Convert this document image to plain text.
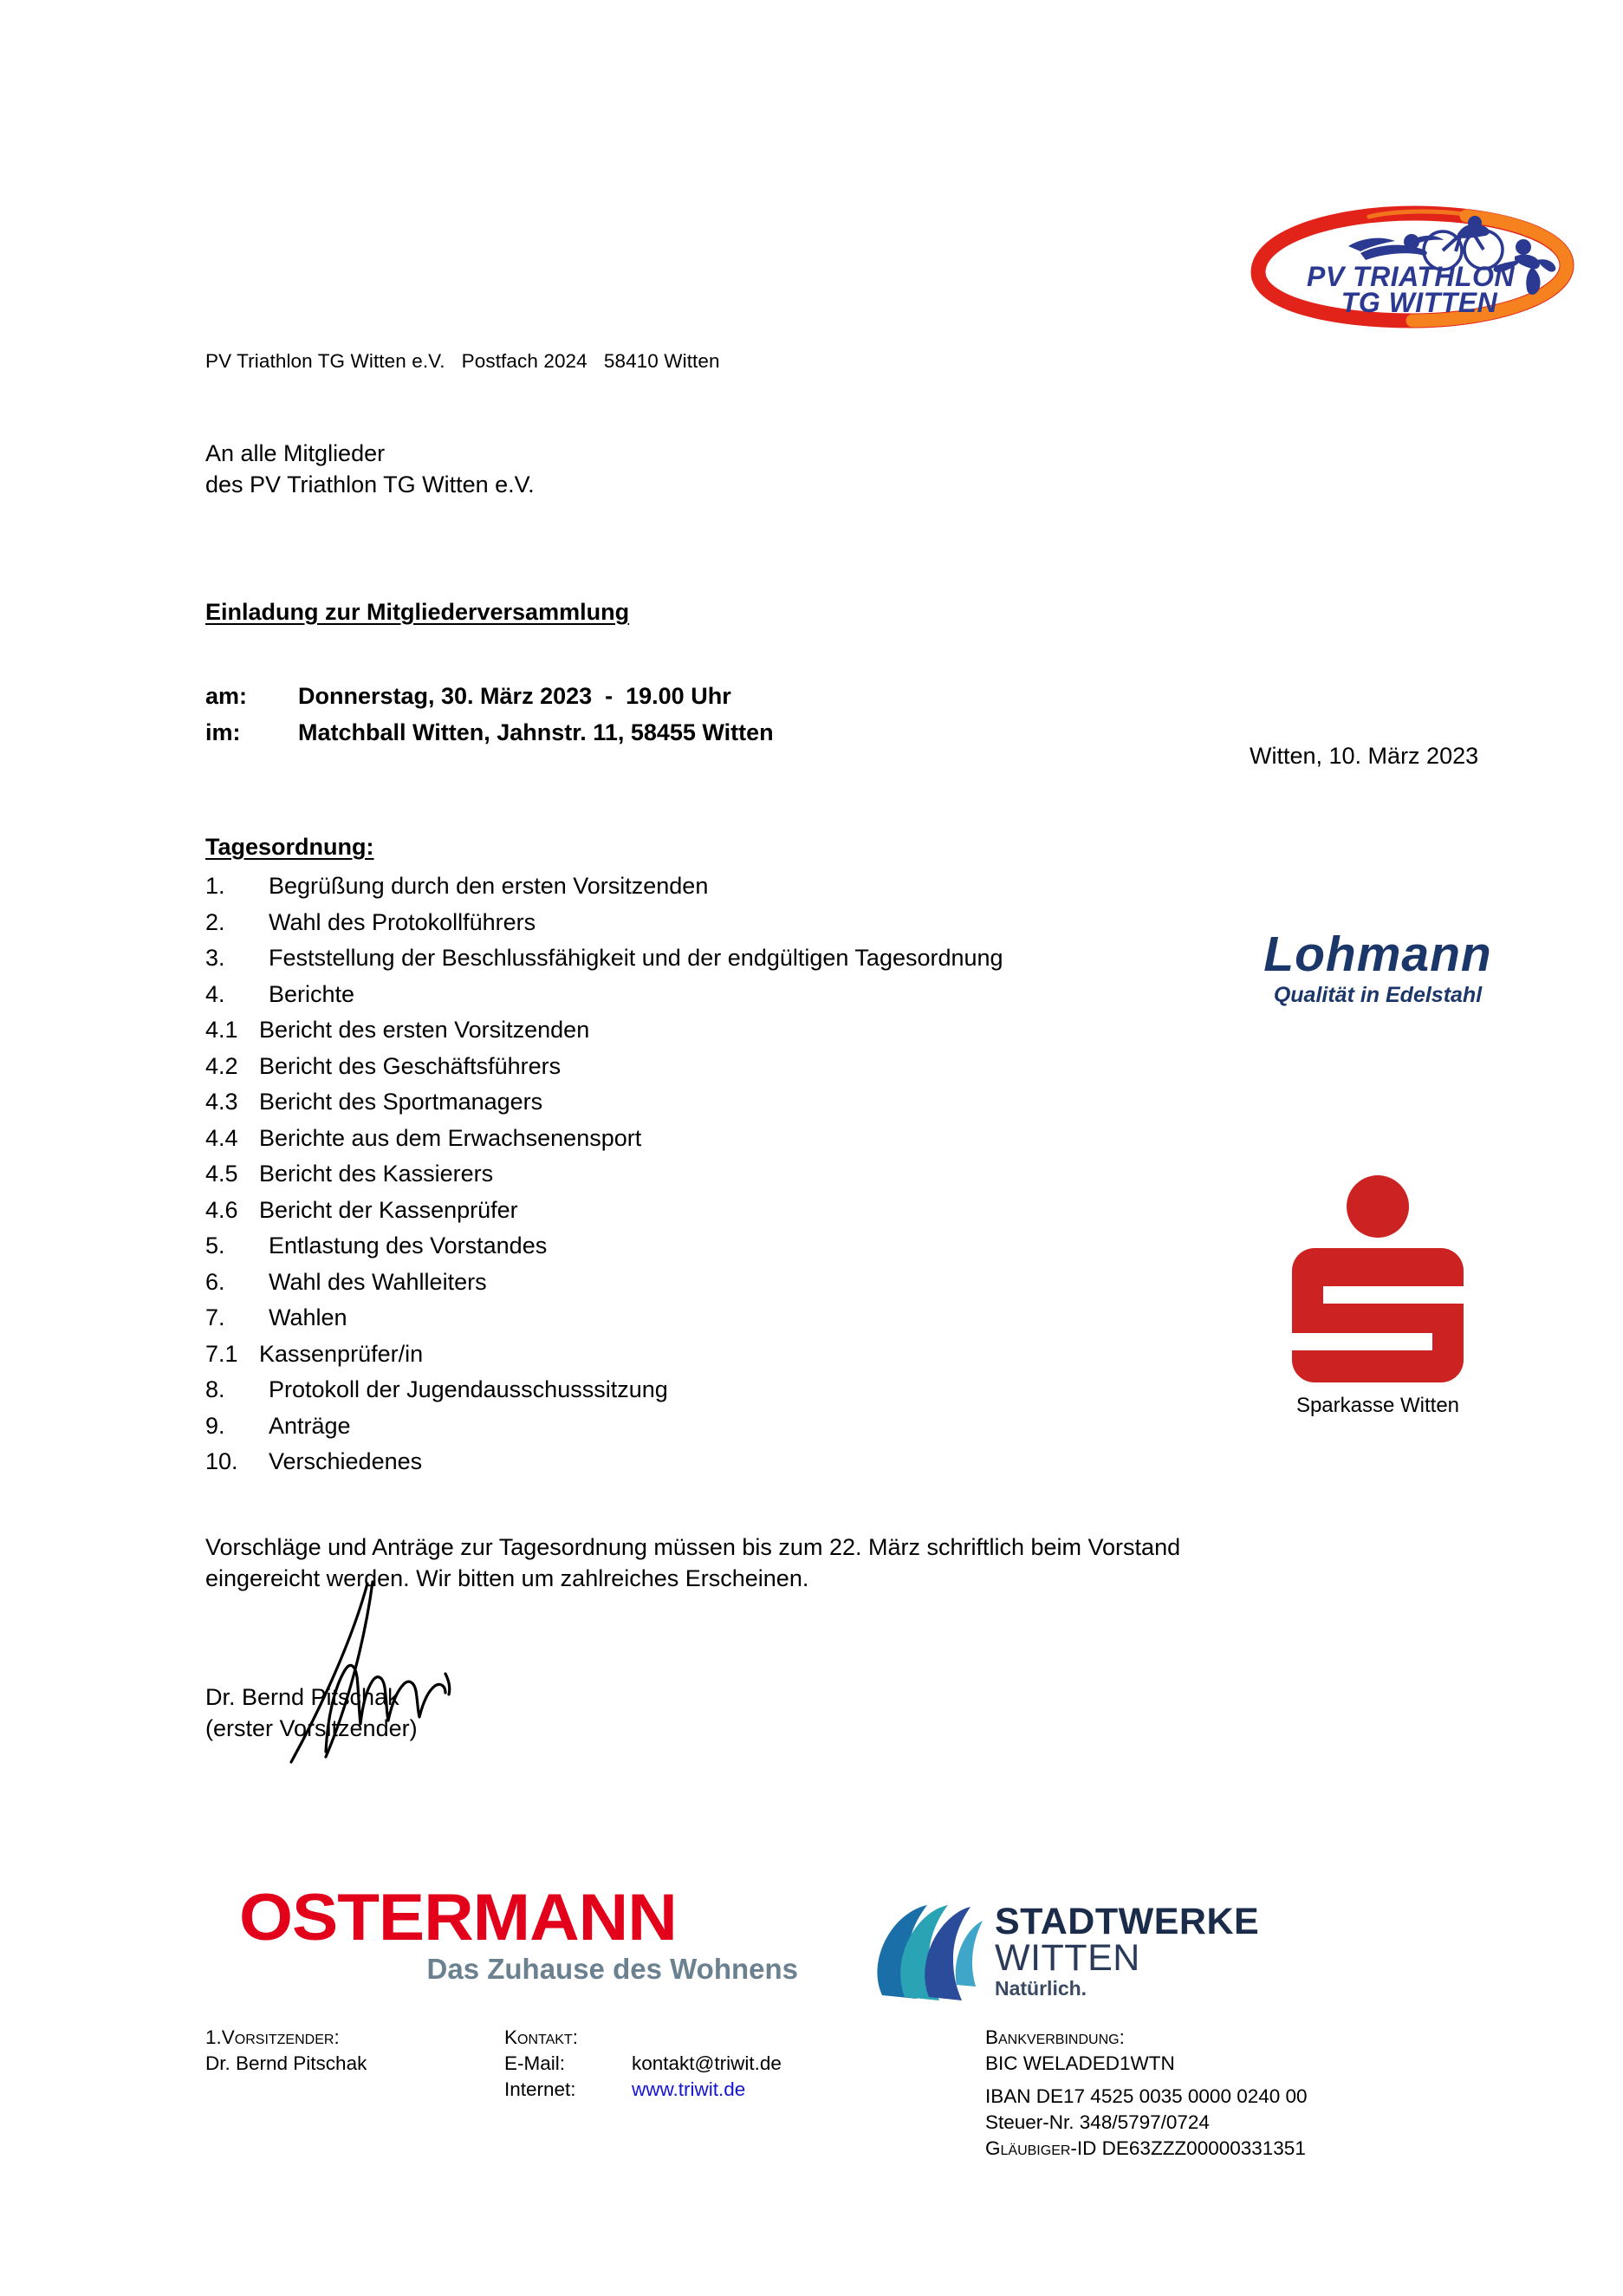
PV TRIATHLON
TG WITTEN
PV Triathlon TG Witten e.V.   Postfach 2024   58410 Witten
An alle Mitglieder
des PV Triathlon TG Witten e.V.
Einladung zur Mitgliederversammlung
am:	Donnerstag, 30. März 2023  -  19.00 Uhr
im:	Matchball Witten, Jahnstr. 11, 58455 Witten
Witten, 10. März 2023
Tagesordnung:
1.	Begrüßung durch den ersten Vorsitzenden
2.	Wahl des Protokollführers
3.	Feststellung der Beschlussfähigkeit und der endgültigen Tagesordnung
4.	Berichte
4.1 Bericht des ersten Vorsitzenden
4.2 Bericht des Geschäftsführers
4.3 Bericht des Sportmanagers
4.4 Berichte aus dem Erwachsenensport
4.5 Bericht des Kassierers
4.6 Bericht der Kassenprüfer
5.	Entlastung des Vorstandes
6.	Wahl des Wahlleiters
7.	Wahlen
7.1 Kassenprüfer/in
8.	Protokoll der Jugendausschusssitzung
9.	Anträge
10.	Verschiedenes
Vorschläge und Anträge zur Tagesordnung müssen bis zum 22. März schriftlich beim Vorstand eingereicht werden. Wir bitten um zahlreiches Erscheinen.
Dr. Bernd Pitschak
(erster Vorsitzender)
Lohmann
Qualität in Edelstahl
Sparkasse Witten
OSTERMANN
Das Zuhause des Wohnens
STADTWERKE
WITTEN
Natürlich.
1.Vorsitzender:
Dr. Bernd Pitschak
Kontakt:
E-Mail:	kontakt@triwit.de
Internet:	www.triwit.de
Bankverbindung:
BIC WELADED1WTN
IBAN DE17 4525 0035 0000 0240 00
Steuer-Nr. 348/5797/0724
Gläubiger-ID DE63ZZZ00000331351
